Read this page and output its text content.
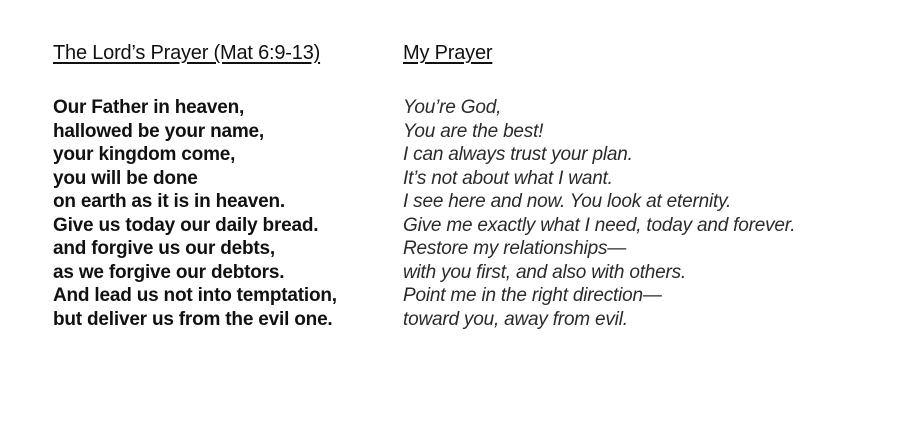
The Lord’s Prayer (Mat 6:9-13)
Our Father in heaven,
hallowed be your name,
your kingdom come,
you will be done
on earth as it is in heaven.
Give us today our daily bread.
and forgive us our debts,
as we forgive our debtors.
And lead us not into temptation,
but deliver us from the evil one.
My Prayer
You’re God,
You are the best!
I can always trust your plan.
It’s not about what I want.
I see here and now. You look at eternity.
Give me exactly what I need, today and forever.
Restore my relationships—
with you first, and also with others.
Point me in the right direction—
toward you, away from evil.
